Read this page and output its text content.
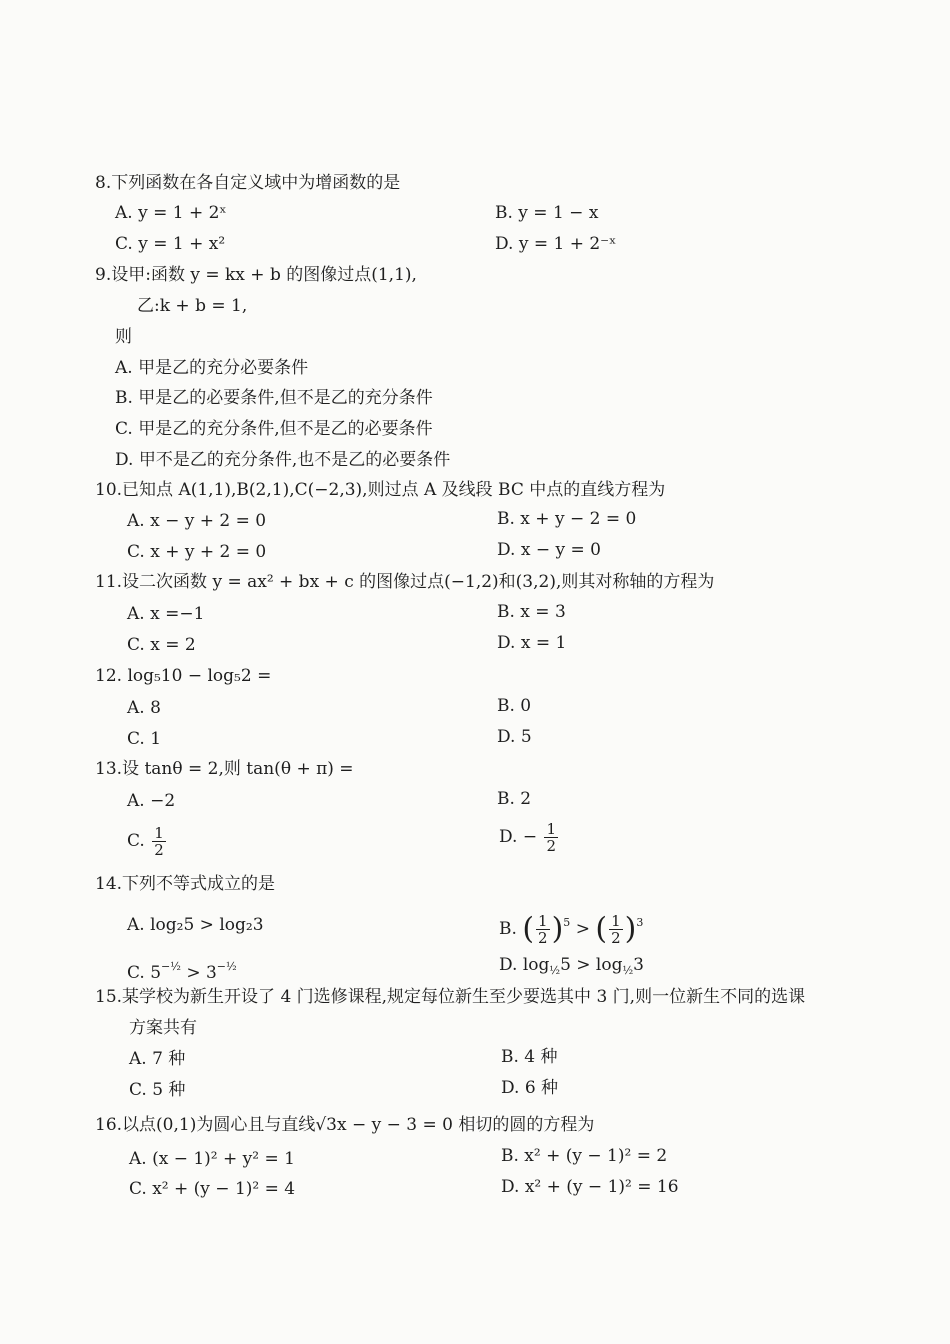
8.下列函数在各自定义域中为增函数的是
A. y = 1 + 2ˣ	B. y = 1 − x
C. y = 1 + x²	D. y = 1 + 2⁻ˣ
9.设甲:函数 y = kx + b 的图像过点(1,1),
乙:k + b = 1,
则
A. 甲是乙的充分必要条件
B. 甲是乙的必要条件,但不是乙的充分条件
C. 甲是乙的充分条件,但不是乙的必要条件
D. 甲不是乙的充分条件,也不是乙的必要条件
10.已知点 A(1,1),B(2,1),C(−2,3),则过点 A 及线段 BC 中点的直线方程为
A. x − y + 2 = 0	B. x + y − 2 = 0
C. x + y + 2 = 0	D. x − y = 0
11.设二次函数 y = ax² + bx + c 的图像过点(−1,2)和(3,2),则其对称轴的方程为
A. x =−1	B. x = 3
C. x = 2	D. x = 1
12. log₅10 − log₅2 =
A. 8	B. 0
C. 1	D. 5
13.设 tanθ = 2,则 tan(θ + π) =
A. −2	B. 2
C. $\frac{1}{2}$	D. − $\frac{1}{2}$
14.下列不等式成立的是
A. log₂5 > log₂3	B. ( $\frac{1}{2} )^5$ > ( $\frac{1}{2} )^3$
C. $5^{-\frac{1}{2}} > 3^{-\frac{1}{2}}$	D. $\log_{\frac{1}{2}}5 > \log_{\frac{1}{2}}3$
15.某学校为新生开设了 4 门选修课程,规定每位新生至少要选其中 3 门,则一位新生不同的选课
方案共有
A. 7 种	B. 4 种
C. 5 种	D. 6 种
16.以点(0,1)为圆心且与直线√3x − y − 3 = 0 相切的圆的方程为
A. (x − 1)² + y² = 1	B. x² + (y − 1)² = 2
C. x² + (y − 1)² = 4	D. x² + (y − 1)² = 16
